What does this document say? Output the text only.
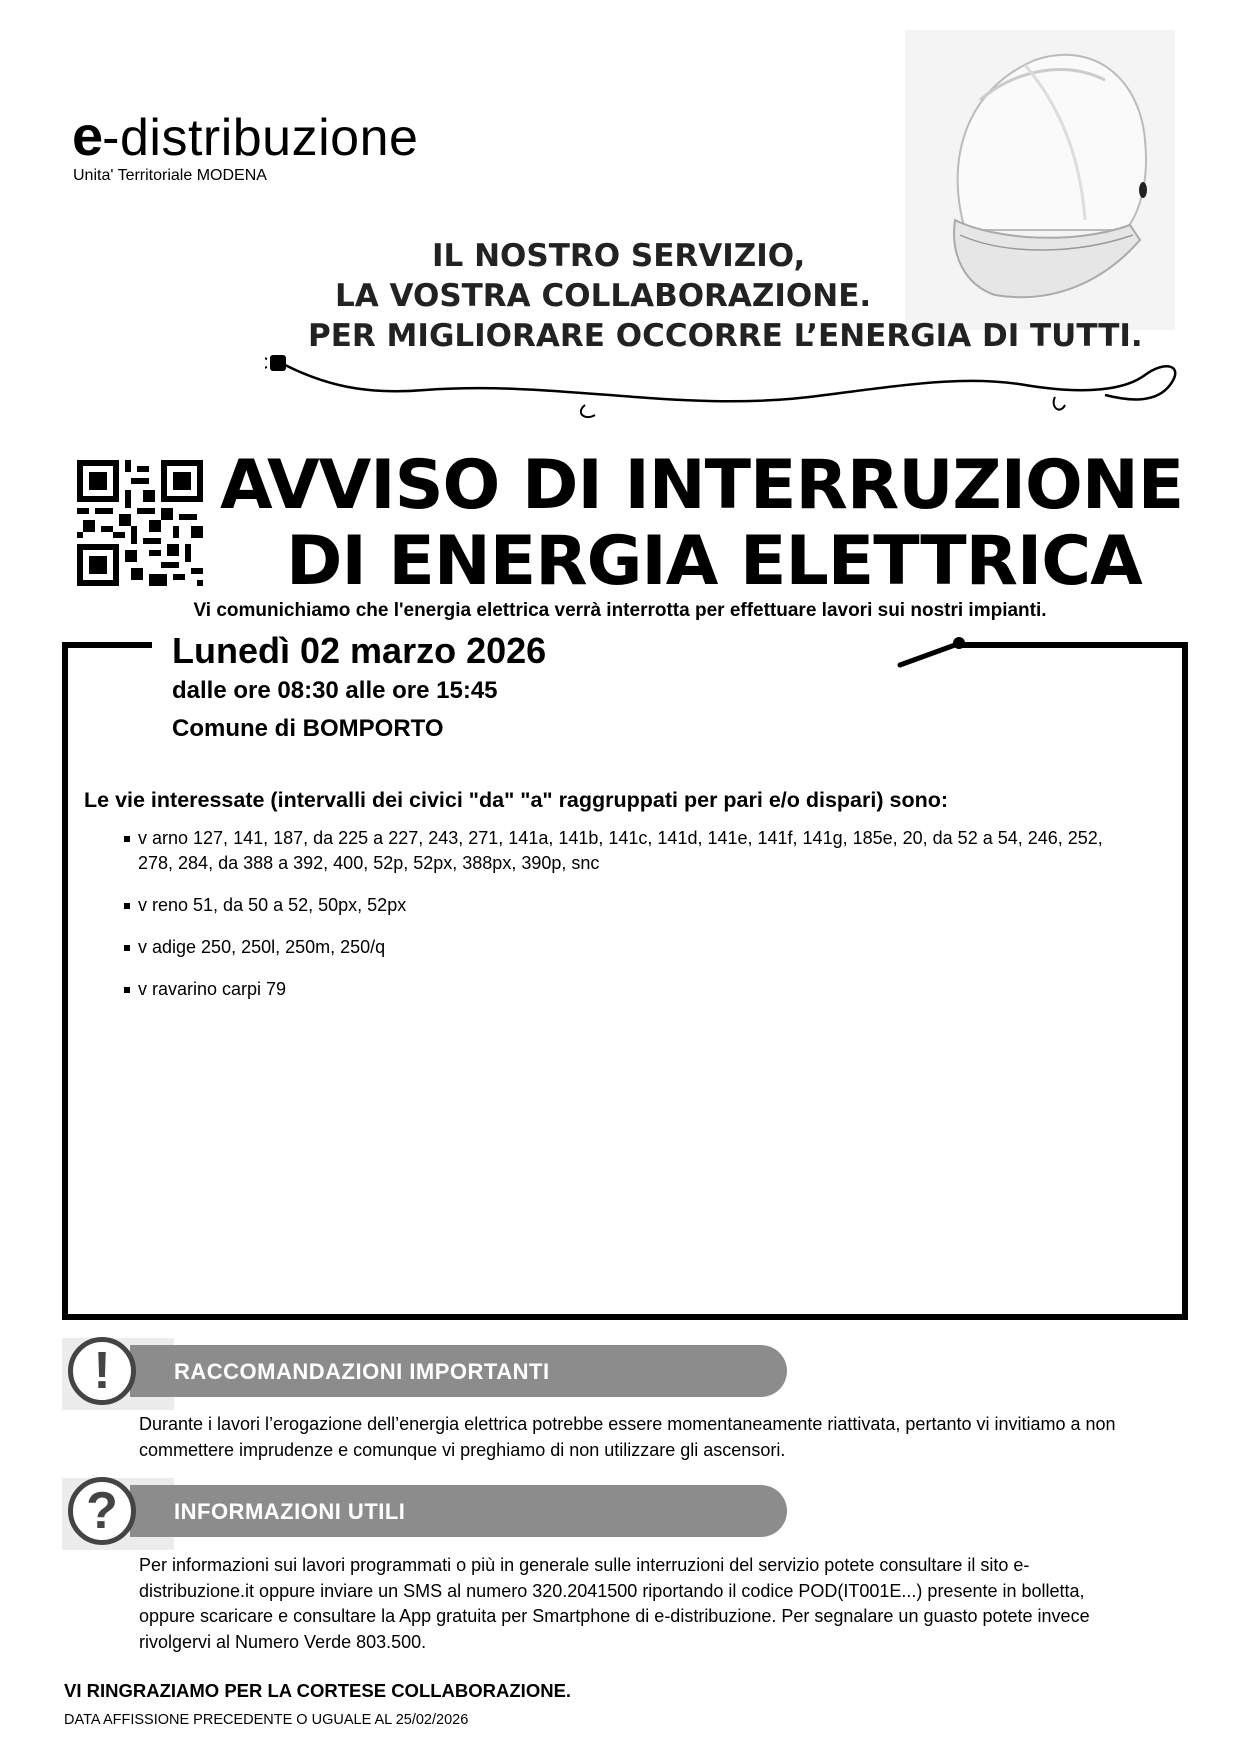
e-distribuzione
Unita' Territoriale MODENA
IL NOSTRO SERVIZIO,
LA VOSTRA COLLABORAZIONE.
PER MIGLIORARE OCCORRE L’ENERGIA DI TUTTI.
AVVISO DI INTERRUZIONE
DI ENERGIA ELETTRICA
Vi comunichiamo che l'energia elettrica verrà interrotta per effettuare lavori sui nostri impianti.
Lunedì 02 marzo 2026
dalle ore 08:30 alle ore 15:45
Comune di BOMPORTO
Le vie interessate (intervalli dei civici "da" "a" raggruppati per pari e/o dispari) sono:
v arno 127, 141, 187, da 225 a 227, 243, 271, 141a, 141b, 141c, 141d, 141e, 141f, 141g, 185e, 20, da 52 a 54, 246, 252, 278, 284, da 388 a 392, 400, 52p, 52px, 388px, 390p, snc
v reno 51, da 50 a 52, 50px, 52px
v adige 250, 250l, 250m, 250/q
v ravarino carpi 79
!	RACCOMANDAZIONI IMPORTANTI
Durante i lavori l’erogazione dell’energia elettrica potrebbe essere momentaneamente riattivata, pertanto vi invitiamo a non commettere imprudenze e comunque vi preghiamo di non utilizzare gli ascensori.
?	INFORMAZIONI UTILI
Per informazioni sui lavori programmati o più in generale sulle interruzioni del servizio potete consultare il sito e-distribuzione.it oppure inviare un SMS al numero 320.2041500 riportando il codice POD(IT001E...) presente in bolletta, oppure scaricare e consultare la App gratuita per Smartphone di e-distribuzione. Per segnalare un guasto potete invece rivolgervi al Numero Verde 803.500.
VI RINGRAZIAMO PER LA CORTESE COLLABORAZIONE.
DATA AFFISSIONE PRECEDENTE O UGUALE AL 25/02/2026
